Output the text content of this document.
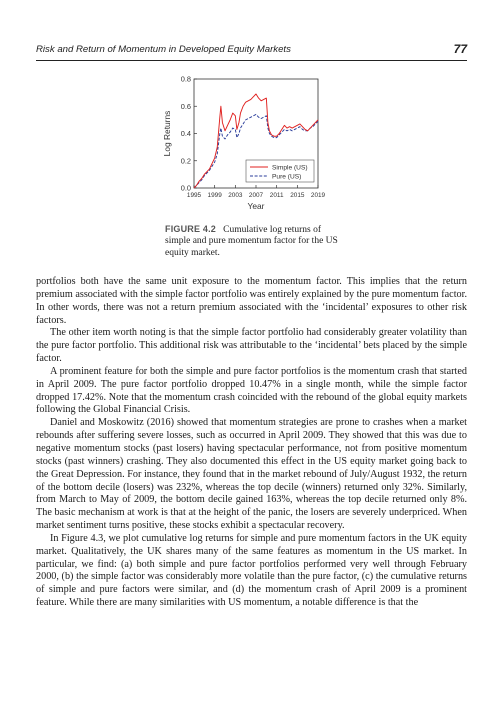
Risk and Return of Momentum in Developed Equity Markets	77
0.0
0.2
0.4
0.6
0.8
1995 1999 2003 2007 2011 2015 2019
Year
Log Returns
Simple (US)
Pure (US)
FIGURE 4.2 Cumulative log returns of simple and pure momentum factor for the US equity market.

portfolios both have the same unit exposure to the momentum factor. This implies that the return premium associated with the simple factor portfolio was entirely explained by the pure momentum factor. In other words, there was not a return premium associated with the ‘incidental’ exposures to other risk factors.

The other item worth noting is that the simple factor portfolio had considerably greater volatility than the pure factor portfolio. This additional risk was attributable to the ‘incidental’ bets placed by the simple factor.

A prominent feature for both the simple and pure factor portfolios is the momentum crash that started in April 2009. The pure factor portfolio dropped 10.47% in a single month, while the simple factor dropped 17.42%. Note that the momentum crash coincided with the rebound of the global equity markets following the Global Financial Crisis.

Daniel and Moskowitz (2016) showed that momentum strategies are prone to crashes when a market rebounds after suffering severe losses, such as occurred in April 2009. They showed that this was due to negative momentum stocks (past losers) having spectacular performance, not from positive momentum stocks (past winners) crashing. They also documented this effect in the US equity market going back to the Great Depression. For instance, they found that in the market rebound of July/August 1932, the return of the bottom decile (losers) was 232%, whereas the top decile (winners) returned only 32%. Similarly, from March to May of 2009, the bottom decile gained 163%, whereas the top decile returned only 8%. The basic mechanism at work is that at the height of the panic, the losers are severely underpriced. When market sentiment turns positive, these stocks exhibit a spectacular recovery.

In Figure 4.3, we plot cumulative log returns for simple and pure momentum factors in the UK equity market. Qualitatively, the UK shares many of the same features as momentum in the US market. In particular, we find: (a) both simple and pure factor portfolios performed very well through February 2000, (b) the simple factor was considerably more volatile than the pure factor, (c) the cumulative returns of simple and pure factors were similar, and (d) the momentum crash of April 2009 is a prominent feature. While there are many similarities with US momentum, a notable difference is that the
